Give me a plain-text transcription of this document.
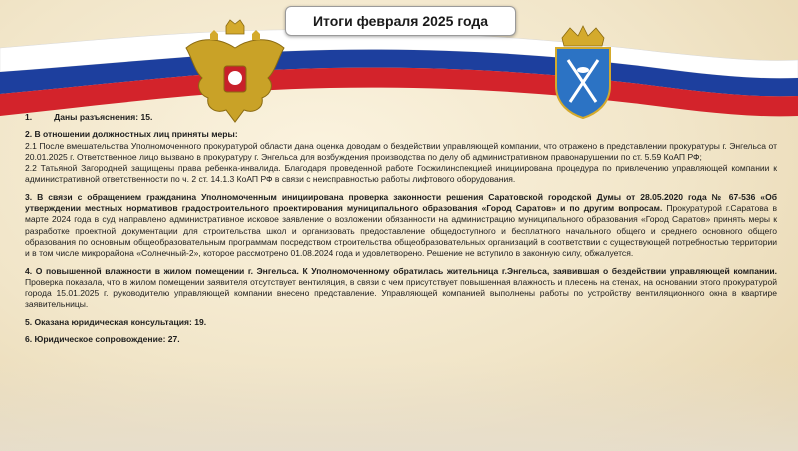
Итоги февраля 2025 года

1.	Даны разъяснения: 15.

2. В отношении должностных лиц приняты меры:

2.1 После вмешательства Уполномоченного прокуратурой области дана оценка доводам о бездействии управляющей компании, что отражено в представлении прокуратуры г. Энгельса от 20.01.2025 г. Ответственное лицо вызвано в прокуратуру г. Энгельса для возбуждения производства по делу об административном правонарушении по ст. 5.59 КоАП РФ;

2.2 Татьяной Загородней защищены права ребенка-инвалида. Благодаря проведенной работе Госжилинспекцией инициирована процедура по привлечению управляющей компании к административной ответственности по ч. 2 ст. 14.1.3 КоАП РФ в связи с неисправностью работы лифтового оборудования.

3. В связи с обращением гражданина Уполномоченным инициирована проверка законности решения Саратовской городской Думы от 28.05.2020 года № 67-536 «Об утверждении местных нормативов градостроительного проектирования муниципального образования «Город Саратов» и по другим вопросам. Прокуратурой г.Саратова в марте 2024 года в суд направлено административное исковое заявление о возложении обязанности на администрацию муниципального образования «Город Саратов» принять меры к разработке проектной документации для строительства школ и организовать предоставление общедоступного и бесплатного начального общего и среднего основного общего образования по основным общеобразовательным программам посредством строительства общеобразовательных организаций в соответствии с существующей потребностью территории и в том числе микрорайона «Солнечный-2», которое рассмотрено 01.08.2024 года и удовлетворено. Решение не вступило в законную силу, обжалуется.

4. О повышенной влажности в жилом помещении г. Энгельса. К Уполномоченному обратилась жительница г.Энгельса, заявившая о бездействии управляющей компании. Проверка показала, что в жилом помещении заявителя отсутствует вентиляция, в связи с чем присутствует повышенная влажность и плесень на стенах, на основании этого прокуратурой города 15.01.2025 г. руководителю управляющей компании внесено представление. Управляющей компанией выполнены работы по устройству вентиляционного окна в квартире заявительницы.

5. Оказана юридическая консультация: 19.

6. Юридическое сопровождение: 27.
